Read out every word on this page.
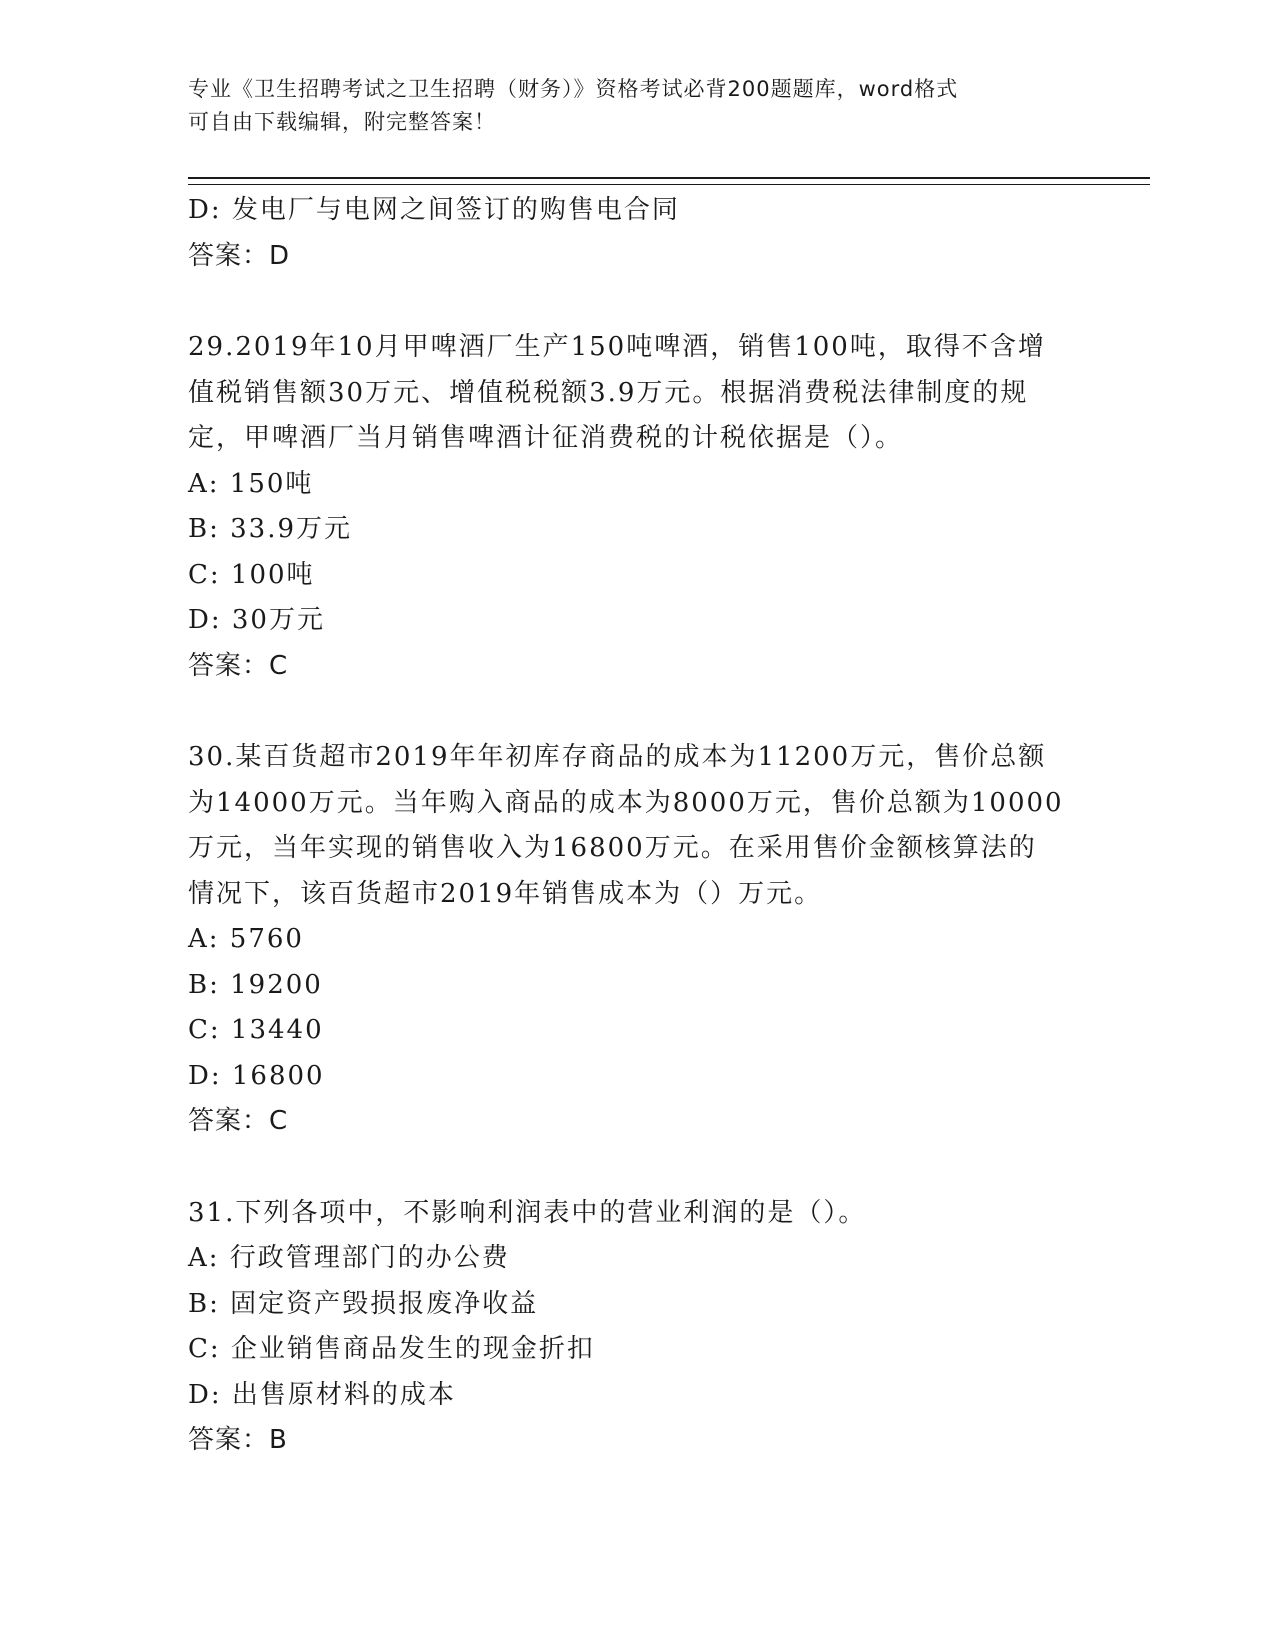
专业《卫生招聘考试之卫生招聘（财务）》资格考试必背200题题库，word格式
可自由下载编辑，附完整答案！
D: 发电厂与电网之间签订的购售电合同
答案：D
29.2019年10月甲啤酒厂生产150吨啤酒，销售100吨，取得不含增
值税销售额30万元、增值税税额3.9万元。根据消费税法律制度的规
定，甲啤酒厂当月销售啤酒计征消费税的计税依据是（）。
A: 150吨
B: 33.9万元
C: 100吨
D: 30万元
答案：C
30.某百货超市2019年年初库存商品的成本为11200万元，售价总额
为14000万元。当年购入商品的成本为8000万元，售价总额为10000
万元，当年实现的销售收入为16800万元。在采用售价金额核算法的
情况下，该百货超市2019年销售成本为（）万元。
A: 5760
B: 19200
C: 13440
D: 16800
答案：C
31.下列各项中，不影响利润表中的营业利润的是（）。
A: 行政管理部门的办公费
B: 固定资产毁损报废净收益
C: 企业销售商品发生的现金折扣
D: 出售原材料的成本
答案：B
